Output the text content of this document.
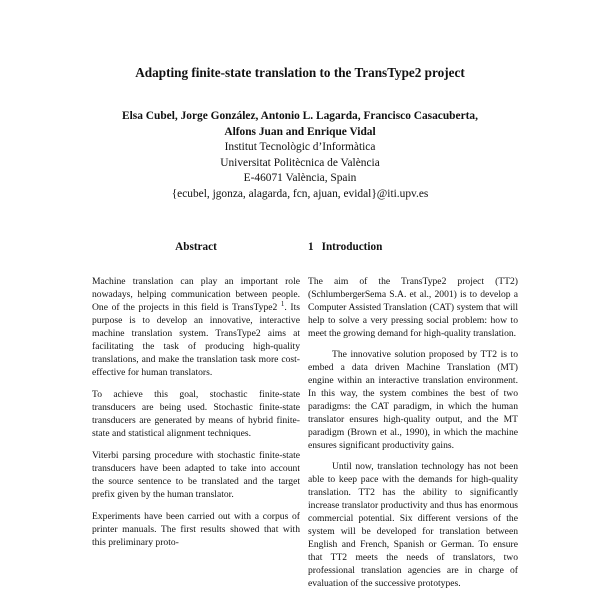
Adapting finite-state translation to the TransType2 project
Elsa Cubel, Jorge González, Antonio L. Lagarda, Francisco Casacuberta,
Alfons Juan and Enrique Vidal
Institut Tecnològic d’Informàtica
Universitat Politècnica de València
E-46071 València, Spain
{ecubel, jgonza, alagarda, fcn, ajuan, evidal}@iti.upv.es
Abstract

Machine translation can play an important role nowadays, helping communication between people. One of the projects in this field is TransType2 $^1$. Its purpose is to develop an innovative, interactive machine translation system. TransType2 aims at facilitating the task of producing high-quality translations, and make the translation task more cost-effective for human translators.

To achieve this goal, stochastic finite-state transducers are being used. Stochastic finite-state transducers are generated by means of hybrid finite-state and statistical alignment techniques.

Viterbi parsing procedure with stochastic finite-state transducers have been adapted to take into account the source sentence to be translated and the target prefix given by the human translator.

Experiments have been carried out with a corpus of printer manuals. The first results showed that with this preliminary proto-

1 Introduction

The aim of the TransType2 project (TT2) (SchlumbergerSema S.A. et al., 2001) is to develop a Computer Assisted Translation (CAT) system that will help to solve a very pressing social problem: how to meet the growing demand for high-quality translation.

The innovative solution proposed by TT2 is to embed a data driven Machine Translation (MT) engine within an interactive translation environment. In this way, the system combines the best of two paradigms: the CAT paradigm, in which the human translator ensures high-quality output, and the MT paradigm (Brown et al., 1990), in which the machine ensures significant productivity gains.

Until now, translation technology has not been able to keep pace with the demands for high-quality translation. TT2 has the ability to significantly increase translator productivity and thus has enormous commercial potential. Six different versions of the system will be developed for translation between English and French, Spanish or German. To ensure that TT2 meets the needs of translators, two professional translation agencies are in charge of evaluation of the successive prototypes.
